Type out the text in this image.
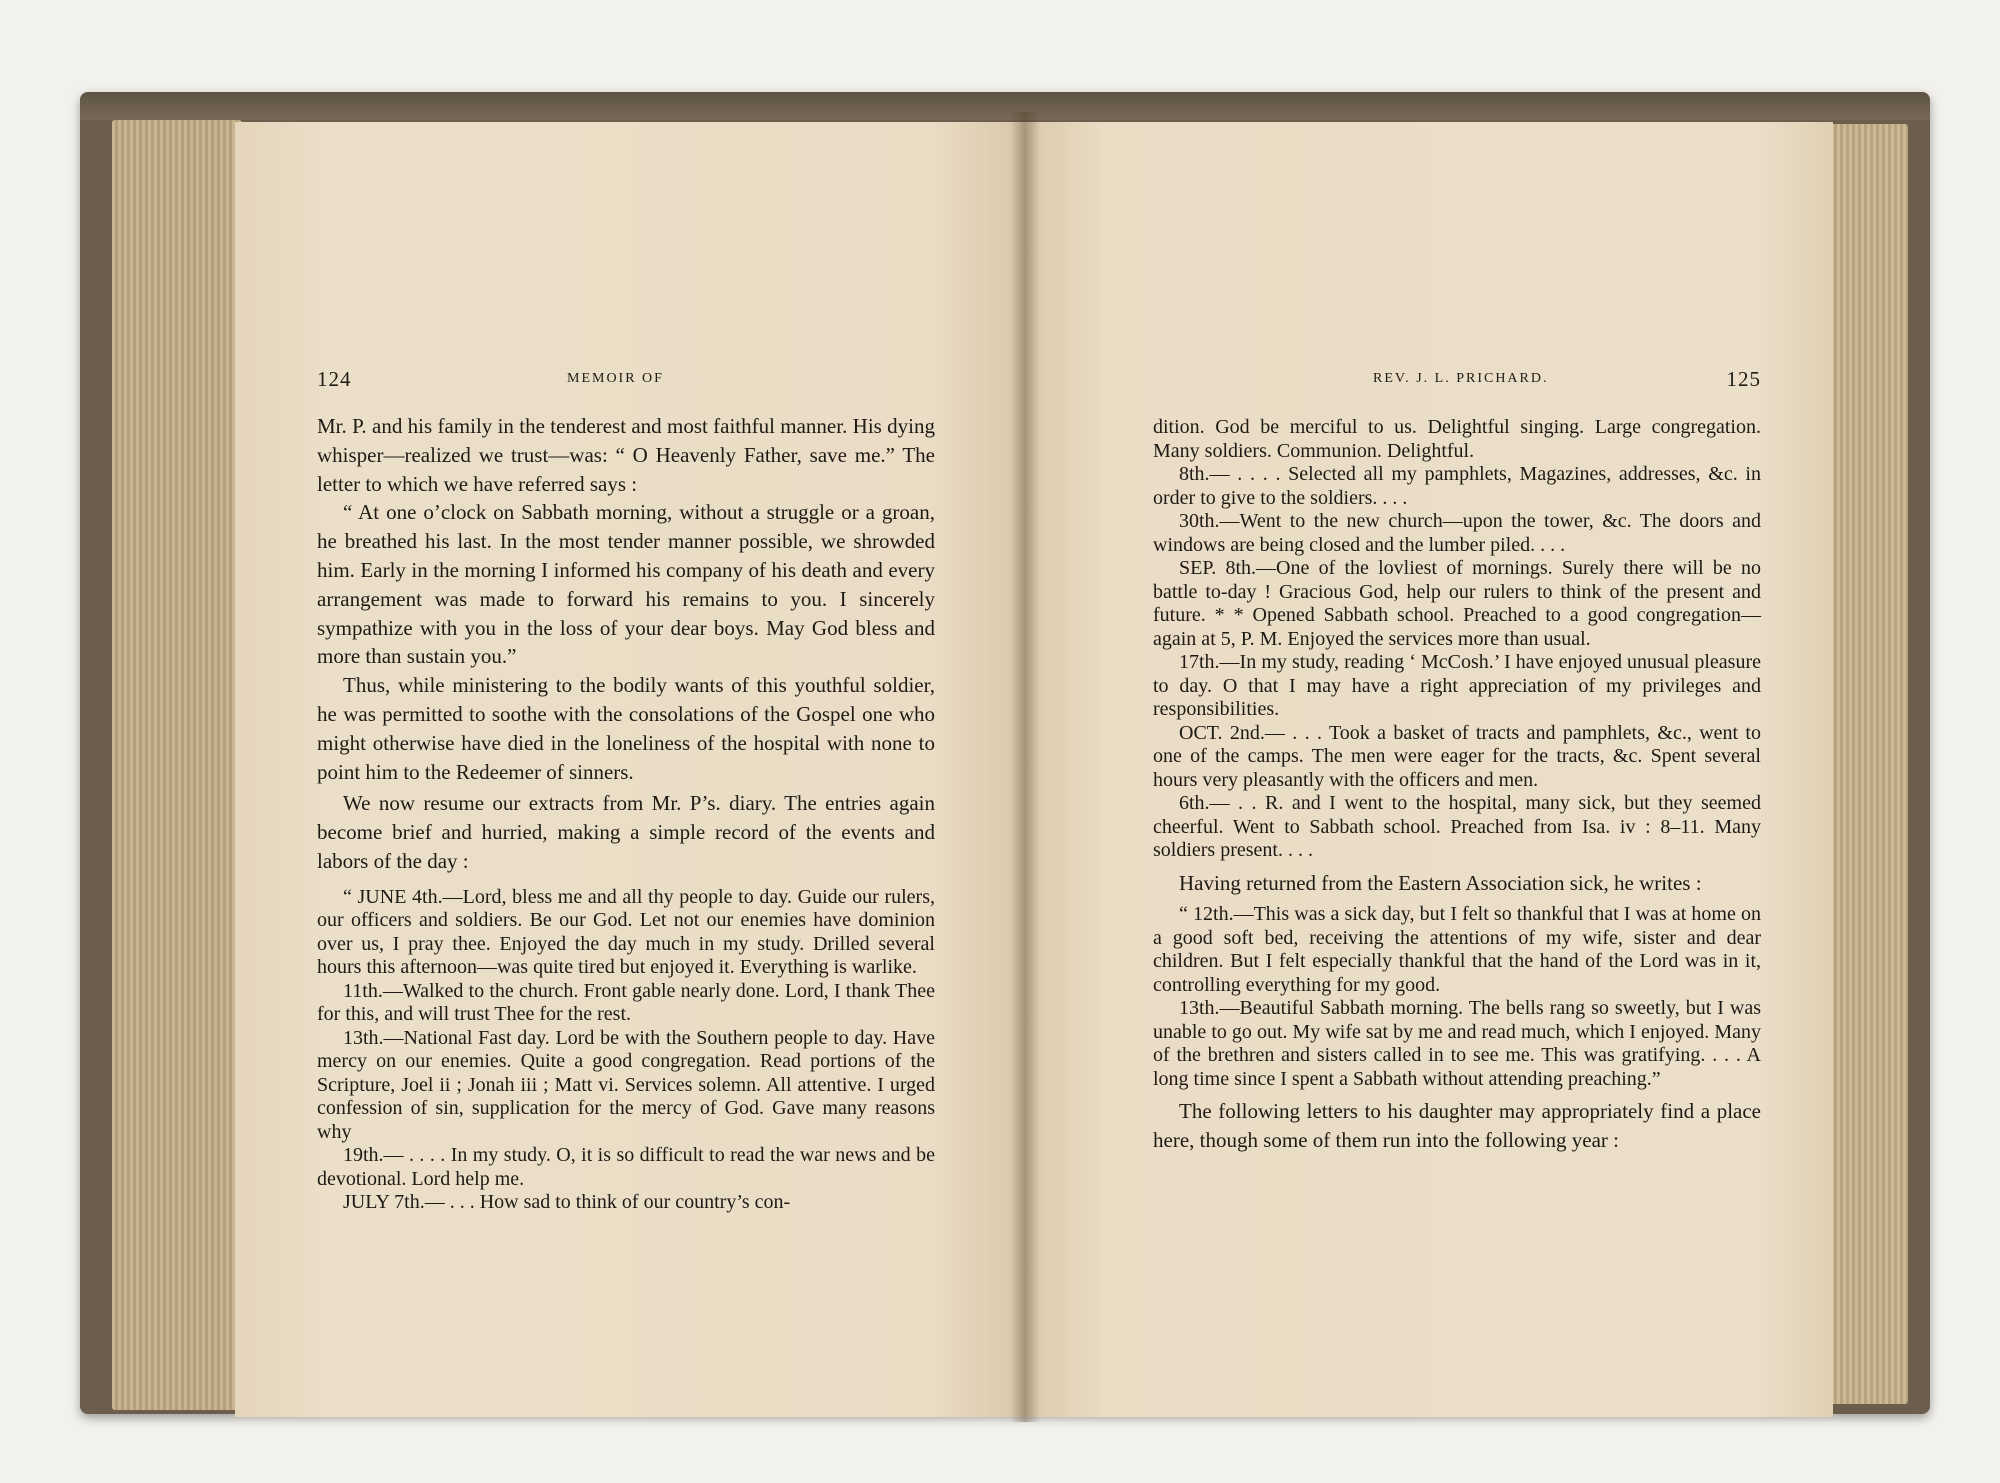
124	MEMOIR OF

Mr. P. and his family in the tenderest and most faithful manner. His dying whisper—realized we trust—was: “ O Heavenly Father, save me.” The letter to which we have referred says :

“ At one o’clock on Sabbath morning, without a struggle or a groan, he breathed his last. In the most tender manner possible, we shrowded him. Early in the morning I informed his company of his death and every arrangement was made to forward his remains to you. I sincerely sympathize with you in the loss of your dear boys. May God bless and more than sustain you.”

Thus, while ministering to the bodily wants of this youthful soldier, he was permitted to soothe with the consolations of the Gospel one who might otherwise have died in the loneliness of the hospital with none to point him to the Redeemer of sinners.

We now resume our extracts from Mr. P’s. diary. The entries again become brief and hurried, making a simple record of the events and labors of the day :

“ JUNE 4th.—Lord, bless me and all thy people to day. Guide our rulers, our officers and soldiers. Be our God. Let not our enemies have dominion over us, I pray thee. Enjoyed the day much in my study. Drilled several hours this afternoon—was quite tired but enjoyed it. Everything is warlike.

11th.—Walked to the church. Front gable nearly done. Lord, I thank Thee for this, and will trust Thee for the rest.

13th.—National Fast day. Lord be with the Southern people to day. Have mercy on our enemies. Quite a good congregation. Read portions of the Scripture, Joel ii ; Jonah iii ; Matt vi. Services solemn. All attentive. I urged confession of sin, supplication for the mercy of God. Gave many reasons why

19th.— . . . . In my study. O, it is so difficult to read the war news and be devotional. Lord help me.

JULY 7th.— . . . How sad to think of our country’s con-

REV. J. L. PRICHARD.	125

dition. God be merciful to us. Delightful singing. Large congregation. Many soldiers. Communion. Delightful.

8th.— . . . . Selected all my pamphlets, Magazines, addresses, &c. in order to give to the soldiers. . . .

30th.—Went to the new church—upon the tower, &c. The doors and windows are being closed and the lumber piled. . . .

SEP. 8th.—One of the lovliest of mornings. Surely there will be no battle to-day ! Gracious God, help our rulers to think of the present and future. * * Opened Sabbath school. Preached to a good congregation—again at 5, P. M. Enjoyed the services more than usual.

17th.—In my study, reading ‘ McCosh.’ I have enjoyed unusual pleasure to day. O that I may have a right appreciation of my privileges and responsibilities.

OCT. 2nd.— . . . Took a basket of tracts and pamphlets, &c., went to one of the camps. The men were eager for the tracts, &c. Spent several hours very pleasantly with the officers and men.

6th.— . . R. and I went to the hospital, many sick, but they seemed cheerful. Went to Sabbath school. Preached from Isa. iv : 8–11. Many soldiers present. . . .

Having returned from the Eastern Association sick, he writes :

“ 12th.—This was a sick day, but I felt so thankful that I was at home on a good soft bed, receiving the attentions of my wife, sister and dear children. But I felt especially thankful that the hand of the Lord was in it, controlling everything for my good.

13th.—Beautiful Sabbath morning. The bells rang so sweetly, but I was unable to go out. My wife sat by me and read much, which I enjoyed. Many of the brethren and sisters called in to see me. This was gratifying. . . . A long time since I spent a Sabbath without attending preaching.”

The following letters to his daughter may appropriately find a place here, though some of them run into the following year :
